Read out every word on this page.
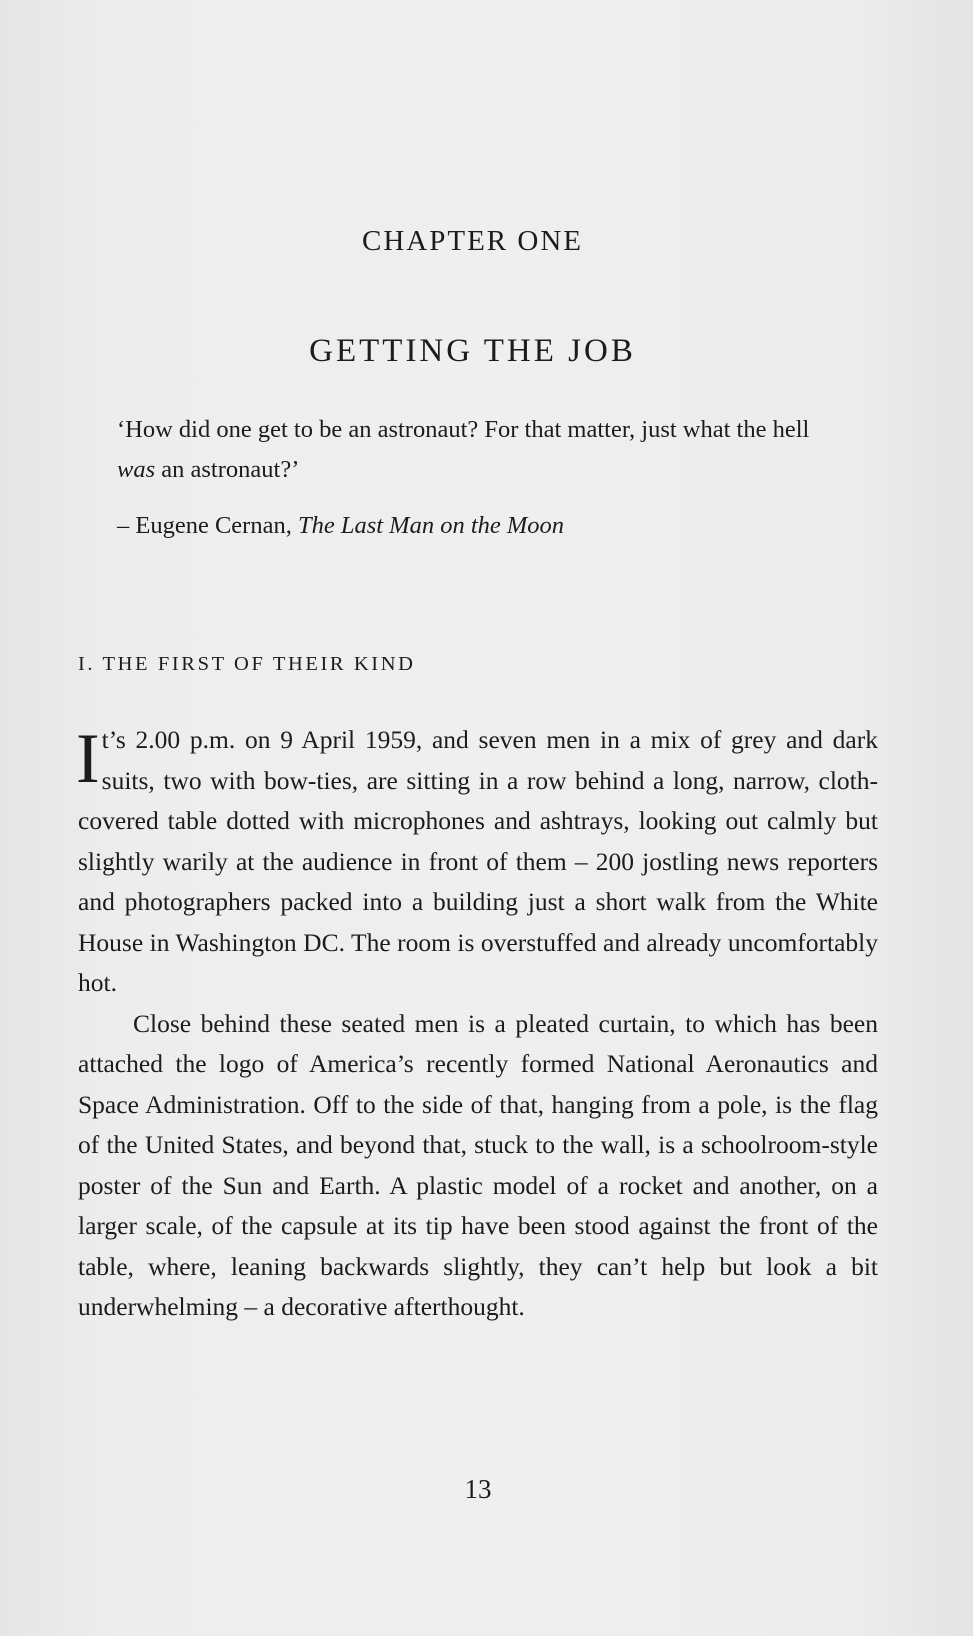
CHAPTER ONE
GETTING THE JOB

‘How did one get to be an astronaut? For that matter, just what the hell was an astronaut?’

– Eugene Cernan, The Last Man on the Moon

I. THE FIRST OF THEIR KIND

It’s 2.00 p.m. on 9 April 1959, and seven men in a mix of grey and dark suits, two with bow-ties, are sitting in a row behind a long, narrow, cloth-covered table dotted with microphones and ashtrays, looking out calmly but slightly warily at the audience in front of them – 200 jostling news reporters and photographers packed into a building just a short walk from the White House in Washington DC. The room is overstuffed and already uncomfortably hot.

Close behind these seated men is a pleated curtain, to which has been attached the logo of America’s recently formed National Aeronautics and Space Administration. Off to the side of that, hanging from a pole, is the flag of the United States, and beyond that, stuck to the wall, is a schoolroom-style poster of the Sun and Earth. A plastic model of a rocket and another, on a larger scale, of the capsule at its tip have been stood against the front of the table, where, leaning backwards slightly, they can’t help but look a bit underwhelming – a decorative afterthought.

13
